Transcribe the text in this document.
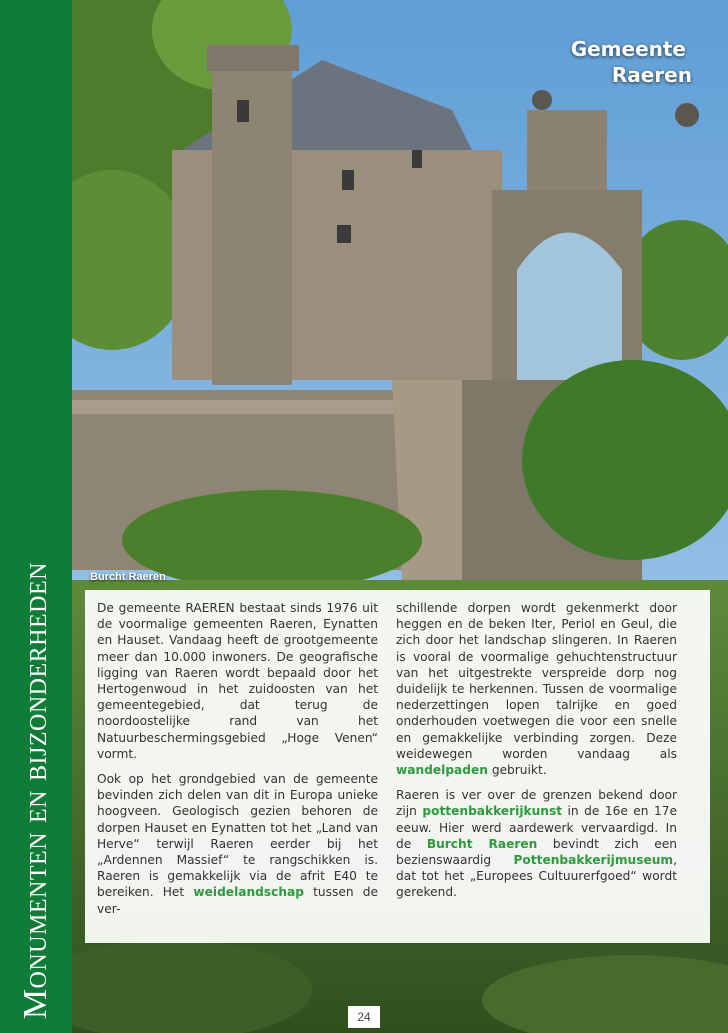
Monumenten en bijzonderheden
Gemeente

Raeren
Burcht Raeren

De gemeente RAEREN bestaat sinds 1976 uit de voormalige gemeenten Raeren, Eynatten en Hauset. Vandaag heeft de grootgemeente meer dan 10.000 inwoners. De geografische ligging van Raeren wordt bepaald door het Hertogenwoud in het zuidoosten van het gemeentegebied, dat terug de noordoostelijke rand van het Natuurbeschermingsgebied „Hoge Venen“ vormt.

Ook op het grondgebied van de gemeente bevinden zich delen van dit in Europa unieke hoogveen. Geologisch gezien behoren de dorpen Hauset en Eynatten tot het „Land van Herve“ terwijl Raeren eerder bij het „Ardennen Massief“ te rangschikken is. Raeren is gemakkelijk via de afrit E40 te bereiken. Het weidelandschap tussen de ver-

schillende dorpen wordt gekenmerkt door heggen en de beken Iter, Periol en Geul, die zich door het landschap slingeren. In Raeren is vooral de voormalige gehuchtenstructuur van het uitgestrekte verspreide dorp nog duidelijk te herkennen. Tussen de voormalige nederzettingen lopen talrijke en goed onderhouden voetwegen die voor een snelle en gemakkelijke verbinding zorgen. Deze weidewegen worden vandaag als wandelpaden gebruikt.

Raeren is ver over de grenzen bekend door zijn pottenbakkerijkunst in de 16e en 17e eeuw. Hier werd aardewerk vervaardigd. In de Burcht Raeren bevindt zich een bezienswaardig Pottenbakkerijmuseum, dat tot het „Europees Cultuurerfgoed“ wordt gerekend.

24
